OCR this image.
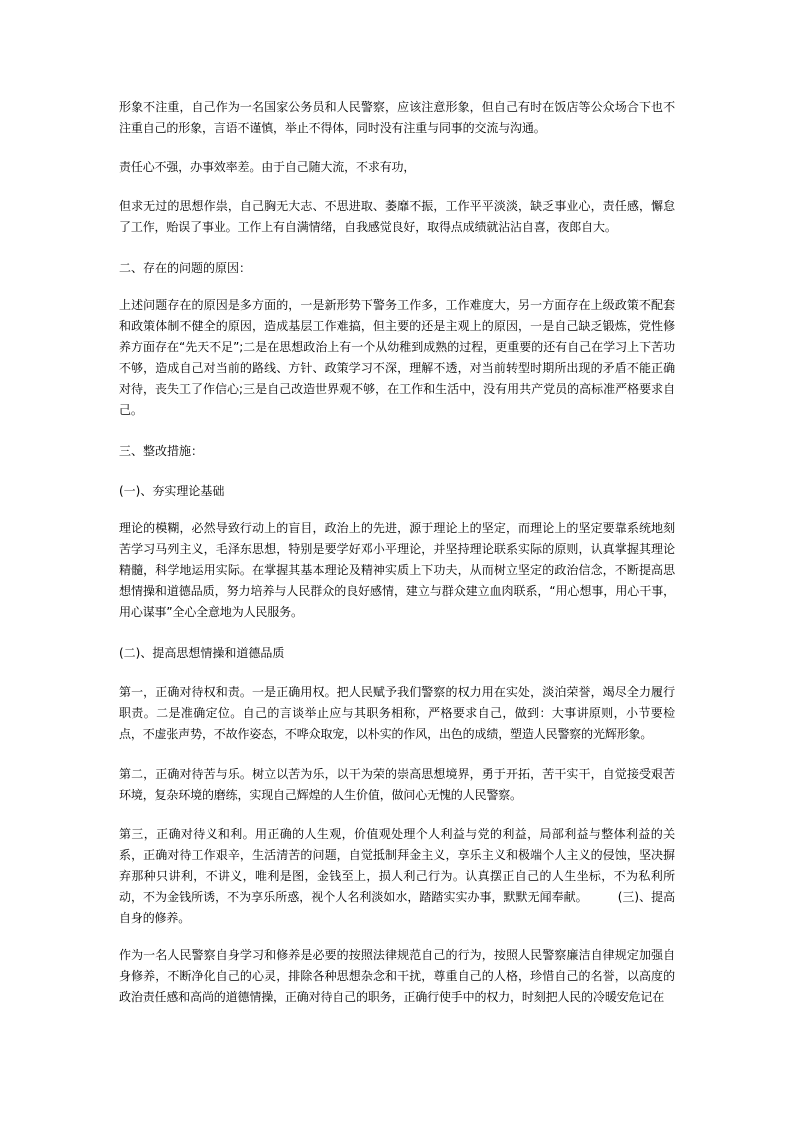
形象不注重，自己作为一名国家公务员和人民警察，应该注意形象，但自己有时在饭店等公众场合下也不注重自己的形象，言语不谨慎，举止不得体，同时没有注重与同事的交流与沟通。

责任心不强，办事效率差。由于自己随大流，不求有功，

但求无过的思想作祟，自己胸无大志、不思进取、萎靡不振，工作平平淡淡，缺乏事业心，责任感，懈怠了工作，贻误了事业。工作上有自满情绪，自我感觉良好，取得点成绩就沾沾自喜，夜郎自大。

二、存在的问题的原因：

上述问题存在的原因是多方面的，一是新形势下警务工作多，工作难度大，另一方面存在上级政策不配套和政策体制不健全的原因，造成基层工作难搞，但主要的还是主观上的原因，一是自己缺乏锻炼，党性修养方面存在“先天不足”;二是在思想政治上有一个从幼稚到成熟的过程，更重要的还有自己在学习上下苦功不够，造成自己对当前的路线、方针、政策学习不深，理解不透，对当前转型时期所出现的矛盾不能正确对待，丧失工了作信心;三是自己改造世界观不够，在工作和生活中，没有用共产党员的高标准严格要求自己。

三、整改措施：

(一)、夯实理论基础

理论的模糊，必然导致行动上的盲目，政治上的先进，源于理论上的坚定，而理论上的坚定要靠系统地刻苦学习马列主义，毛泽东思想，特别是要学好邓小平理论，并坚持理论联系实际的原则，认真掌握其理论精髓，科学地运用实际。在掌握其基本理论及精神实质上下功夫，从而树立坚定的政治信念，不断提高思想情操和道德品质，努力培养与人民群众的良好感情，建立与群众建立血肉联系，“用心想事，用心干事，用心谋事”全心全意地为人民服务。

(二)、提高思想情操和道德品质

第一，正确对待权和责。一是正确用权。把人民赋予我们警察的权力用在实处，淡泊荣誉，竭尽全力履行职责。二是准确定位。自己的言谈举止应与其职务相称，严格要求自己，做到：大事讲原则，小节要检点，不虚张声势，不故作姿态，不哗众取宠，以朴实的作风，出色的成绩，塑造人民警察的光辉形象。

第二，正确对待苦与乐。树立以苦为乐，以干为荣的崇高思想境界，勇于开拓，苦干实干，自觉接受艰苦环境，复杂环境的磨练，实现自己辉煌的人生价值，做问心无愧的人民警察。

第三，正确对待义和利。用正确的人生观，价值观处理个人利益与党的利益，局部利益与整体利益的关系，正确对待工作艰辛，生活清苦的问题，自觉抵制拜金主义，享乐主义和极端个人主义的侵蚀，坚决摒弃那种只讲利，不讲义，唯利是图，金钱至上，损人利己行为。认真摆正自己的人生坐标，不为私利所动，不为金钱所诱，不为享乐所惑，视个人名利淡如水，踏踏实实办事，默默无闻奉献。　　　(三)、提高自身的修养。

作为一名人民警察自身学习和修养是必要的按照法律规范自己的行为，按照人民警察廉洁自律规定加强自身修养，不断净化自己的心灵，排除各种思想杂念和干扰，尊重自己的人格，珍惜自己的名誉，以高度的政治责任感和高尚的道德情操，正确对待自己的职务，正确行使手中的权力，时刻把人民的冷暖安危记在
